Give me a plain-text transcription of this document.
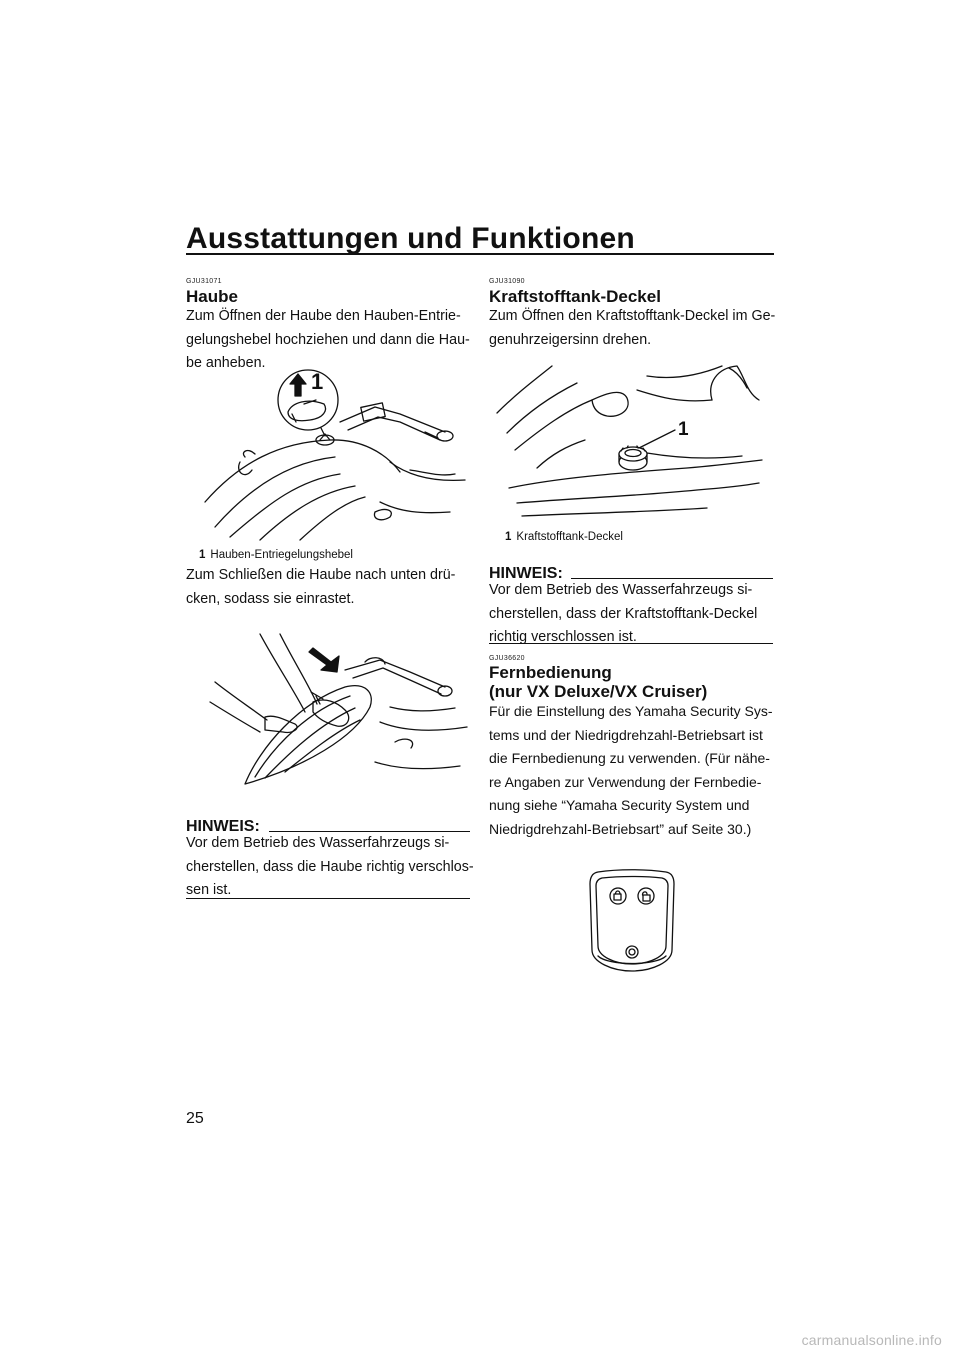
Ausstattungen und Funktionen
GJU31071
Haube
Zum Öffnen der Haube den Hauben-Entrie-
gelungshebel hochziehen und dann die Hau-
be anheben.
1
1 Hauben-Entriegelungshebel
Zum Schließen die Haube nach unten drü-
cken, sodass sie einrastet.
HINWEIS:
Vor dem Betrieb des Wasserfahrzeugs si-
cherstellen, dass die Haube richtig verschlos-
sen ist.
GJU31090
Kraftstofftank-Deckel
Zum Öffnen den Kraftstofftank-Deckel im Ge-
genuhrzeigersinn drehen.
1
1 Kraftstofftank-Deckel
HINWEIS:
Vor dem Betrieb des Wasserfahrzeugs si-
cherstellen, dass der Kraftstofftank-Deckel
richtig verschlossen ist.
GJU36620
Fernbedienung
(nur VX Deluxe/VX Cruiser)
Für die Einstellung des Yamaha Security Sys-
tems und der Niedrigdrehzahl-Betriebsart ist
die Fernbedienung zu verwenden. (Für nähe-
re Angaben zur Verwendung der Fernbedie-
nung siehe “Yamaha Security System und
Niedrigdrehzahl-Betriebsart” auf Seite 30.)
25
carmanualsonline.info
